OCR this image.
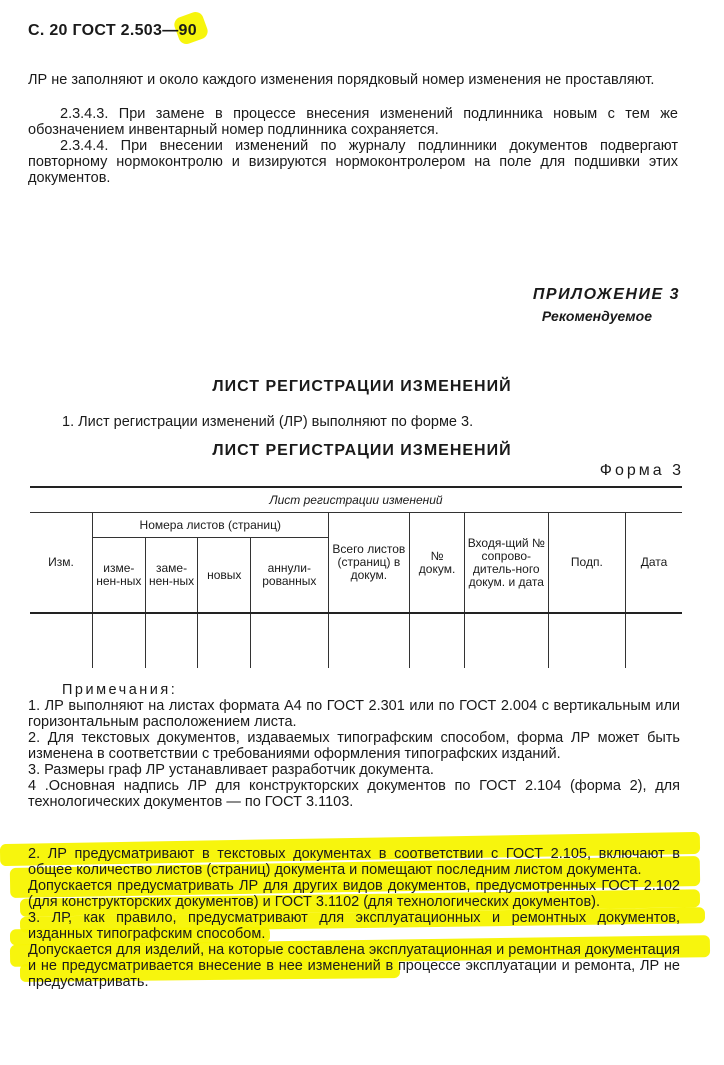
С. 20 ГОСТ 2.503—90
ЛР не заполняют и около каждого изменения порядковый номер изменения не проставляют.
2.3.4.3. При замене в процессе внесения изменений подлинника новым с тем же обозначением инвентарный номер подлинника сохраняется.
2.3.4.4. При внесении изменений по журналу подлинники документов подвергают повторному нормоконтролю и визируются нормоконтролером на поле для подшивки этих документов.
ПРИЛОЖЕНИЕ 3
Рекомендуемое
ЛИСТ РЕГИСТРАЦИИ ИЗМЕНЕНИЙ
1. Лист регистрации изменений (ЛР) выполняют по форме 3.
ЛИСТ РЕГИСТРАЦИИ ИЗМЕНЕНИЙ
Форма 3
Лист регистрации изменений									
Изм.	Номера листов (страниц)				Всего листов (страниц) в докум.	№ докум.	Входя-щий № сопрово-дитель-ного докум. и дата	Подп.	Дата
	изме-нен-ных	заме-нен-ных	новых	аннули-рованных					

Примечания:
1. ЛР выполняют на листах формата А4 по ГОСТ 2.301 или по ГОСТ 2.004 с вертикальным или горизонтальным расположением листа.
2. Для текстовых документов, издаваемых типографским способом, форма ЛР может быть изменена в соответствии с требованиями оформления типографских изданий.
3. Размеры граф ЛР устанавливает разработчик документа.
4 .Основная надпись ЛР для конструкторских документов по ГОСТ 2.104 (форма 2), для технологических документов — по ГОСТ 3.1103.
2. ЛР предусматривают в текстовых документах в соответствии с ГОСТ 2.105, включают в общее количество листов (страниц) документа и помещают последним листом документа.
Допускается предусматривать ЛР для других видов документов, предусмотренных ГОСТ 2.102 (для конструкторских документов) и ГОСТ 3.1102 (для технологических документов).
3. ЛР, как правило, предусматривают для эксплуатационных и ремонтных документов, изданных типографским способом.
Допускается для изделий, на которые составлена эксплуатационная и ремонтная документация и не предусматривается внесение в нее изменений в процессе эксплуатации и ремонта, ЛР не предусматривать.
